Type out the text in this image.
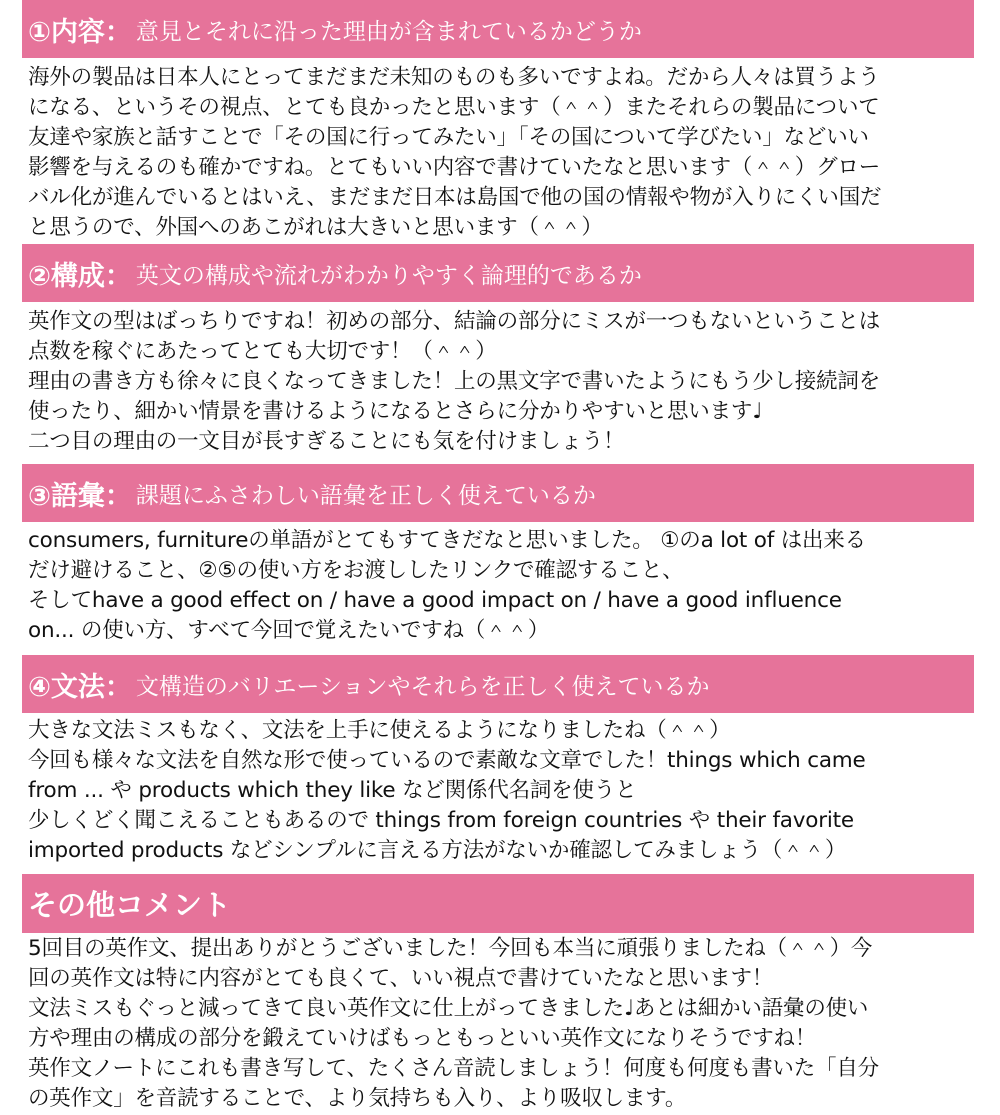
①内容： 意見とそれに沿った理由が含まれているかどうか
海外の製品は日本人にとってまだまだ未知のものも多いですよね。だから人々は買うよう
になる、というその視点、とても良かったと思います（＾＾）またそれらの製品について
友達や家族と話すことで「その国に行ってみたい」「その国について学びたい」などいい
影響を与えるのも確かですね。とてもいい内容で書けていたなと思います（＾＾）グロー
バル化が進んでいるとはいえ、まだまだ日本は島国で他の国の情報や物が入りにくい国だ
と思うので、外国へのあこがれは大きいと思います（＾＾）
②構成： 英文の構成や流れがわかりやすく論理的であるか
英作文の型はばっちりですね！初めの部分、結論の部分にミスが一つもないということは
点数を稼ぐにあたってとても大切です！（＾＾）
理由の書き方も徐々に良くなってきました！上の黒文字で書いたようにもう少し接続詞を
使ったり、細かい情景を書けるようになるとさらに分かりやすいと思います♩
二つ目の理由の一文目が長すぎることにも気を付けましょう！
③語彙： 課題にふさわしい語彙を正しく使えているか
consumers, furnitureの単語がとてもすてきだなと思いました。 ①のa lot of は出来る
だけ避けること、②⑤の使い方をお渡ししたリンクで確認すること、
そしてhave a good effect on / have a good impact on / have a good influence
on... の使い方、すべて今回で覚えたいですね（＾＾）
④文法： 文構造のバリエーションやそれらを正しく使えているか
大きな文法ミスもなく、文法を上手に使えるようになりましたね（＾＾）
今回も様々な文法を自然な形で使っているので素敵な文章でした！things which came
from ... や products which they like など関係代名詞を使うと
少しくどく聞こえることもあるので things from foreign countries や their favorite
imported products などシンプルに言える方法がないか確認してみましょう（＾＾）
その他コメント
5回目の英作文、提出ありがとうございました！今回も本当に頑張りましたね（＾＾）今
回の英作文は特に内容がとても良くて、いい視点で書けていたなと思います！
文法ミスもぐっと減ってきて良い英作文に仕上がってきました♩あとは細かい語彙の使い
方や理由の構成の部分を鍛えていけばもっともっといい英作文になりそうですね！
英作文ノートにこれも書き写して、たくさん音読しましょう！何度も何度も書いた「自分
の英作文」を音読することで、より気持ちも入り、より吸収します。
